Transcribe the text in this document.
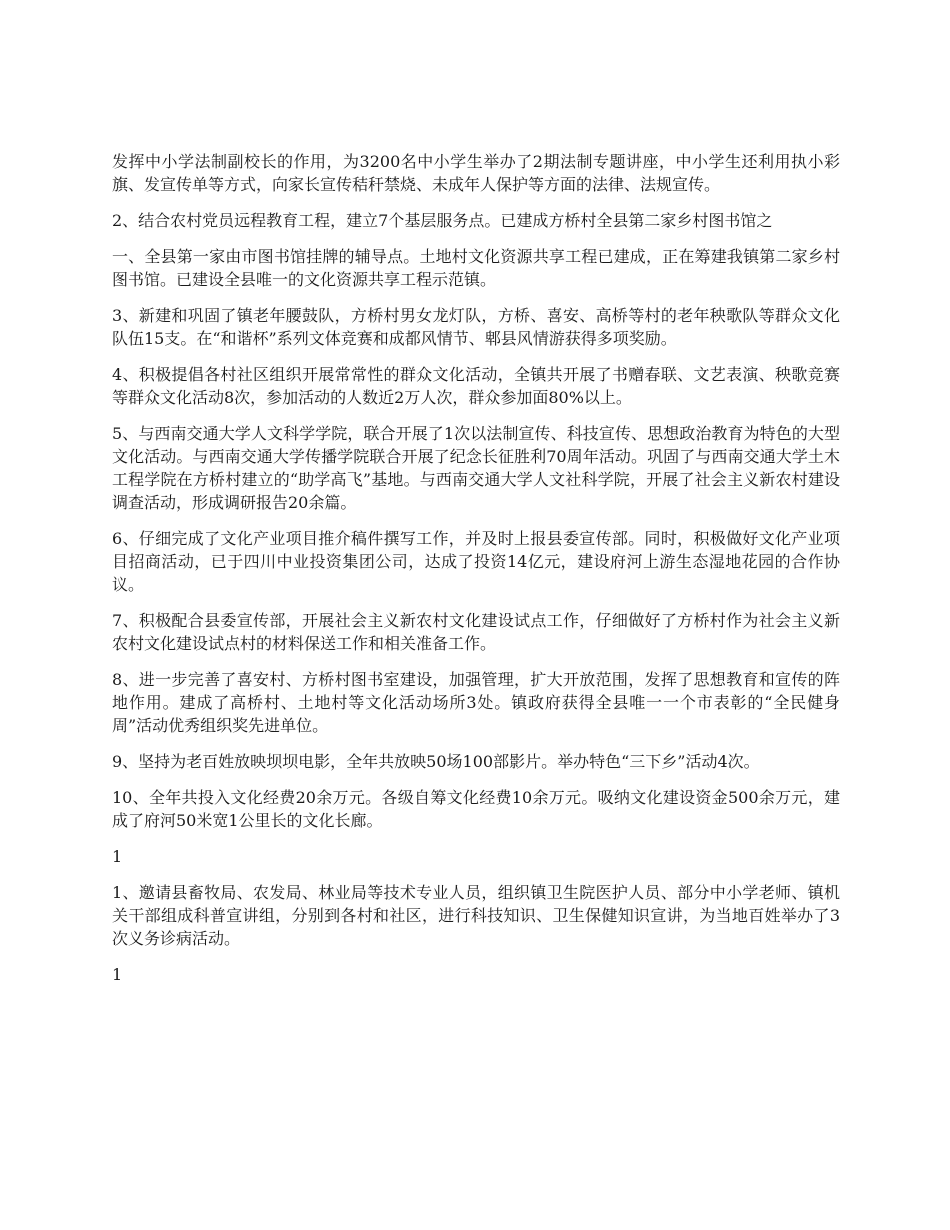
发挥中小学法制副校长的作用，为3200名中小学生举办了2期法制专题讲座，中小学生还利用执小彩旗、发宣传单等方式，向家长宣传秸秆禁烧、未成年人保护等方面的法律、法规宣传。

2、结合农村党员远程教育工程，建立7个基层服务点。已建成方桥村全县第二家乡村图书馆之

一、全县第一家由市图书馆挂牌的辅导点。土地村文化资源共享工程已建成，正在筹建我镇第二家乡村图书馆。已建设全县唯一的文化资源共享工程示范镇。

3、新建和巩固了镇老年腰鼓队，方桥村男女龙灯队，方桥、喜安、高桥等村的老年秧歌队等群众文化队伍15支。在“和谐杯”系列文体竞赛和成都风情节、郫县风情游获得多项奖励。

4、积极提倡各村社区组织开展常常性的群众文化活动，全镇共开展了书赠春联、文艺表演、秧歌竞赛等群众文化活动8次，参加活动的人数近2万人次，群众参加面80%以上。

5、与西南交通大学人文科学学院，联合开展了1次以法制宣传、科技宣传、思想政治教育为特色的大型文化活动。与西南交通大学传播学院联合开展了纪念长征胜利70周年活动。巩固了与西南交通大学土木工程学院在方桥村建立的“助学高飞”基地。与西南交通大学人文社科学院，开展了社会主义新农村建设调查活动，形成调研报告20余篇。

6、仔细完成了文化产业项目推介稿件撰写工作，并及时上报县委宣传部。同时，积极做好文化产业项目招商活动，已于四川中业投资集团公司，达成了投资14亿元，建设府河上游生态湿地花园的合作协议。

7、积极配合县委宣传部，开展社会主义新农村文化建设试点工作，仔细做好了方桥村作为社会主义新农村文化建设试点村的材料保送工作和相关准备工作。

8、进一步完善了喜安村、方桥村图书室建设，加强管理，扩大开放范围，发挥了思想教育和宣传的阵地作用。建成了高桥村、土地村等文化活动场所3处。镇政府获得全县唯一一个市表彰的“全民健身周”活动优秀组织奖先进单位。

9、坚持为老百姓放映坝坝电影，全年共放映50场100部影片。举办特色“三下乡”活动4次。

10、全年共投入文化经费20余万元。各级自筹文化经费10余万元。吸纳文化建设资金500余万元，建成了府河50米宽1公里长的文化长廊。

1

1、邀请县畜牧局、农发局、林业局等技术专业人员，组织镇卫生院医护人员、部分中小学老师、镇机关干部组成科普宣讲组，分别到各村和社区，进行科技知识、卫生保健知识宣讲，为当地百姓举办了3次义务诊病活动。

1
